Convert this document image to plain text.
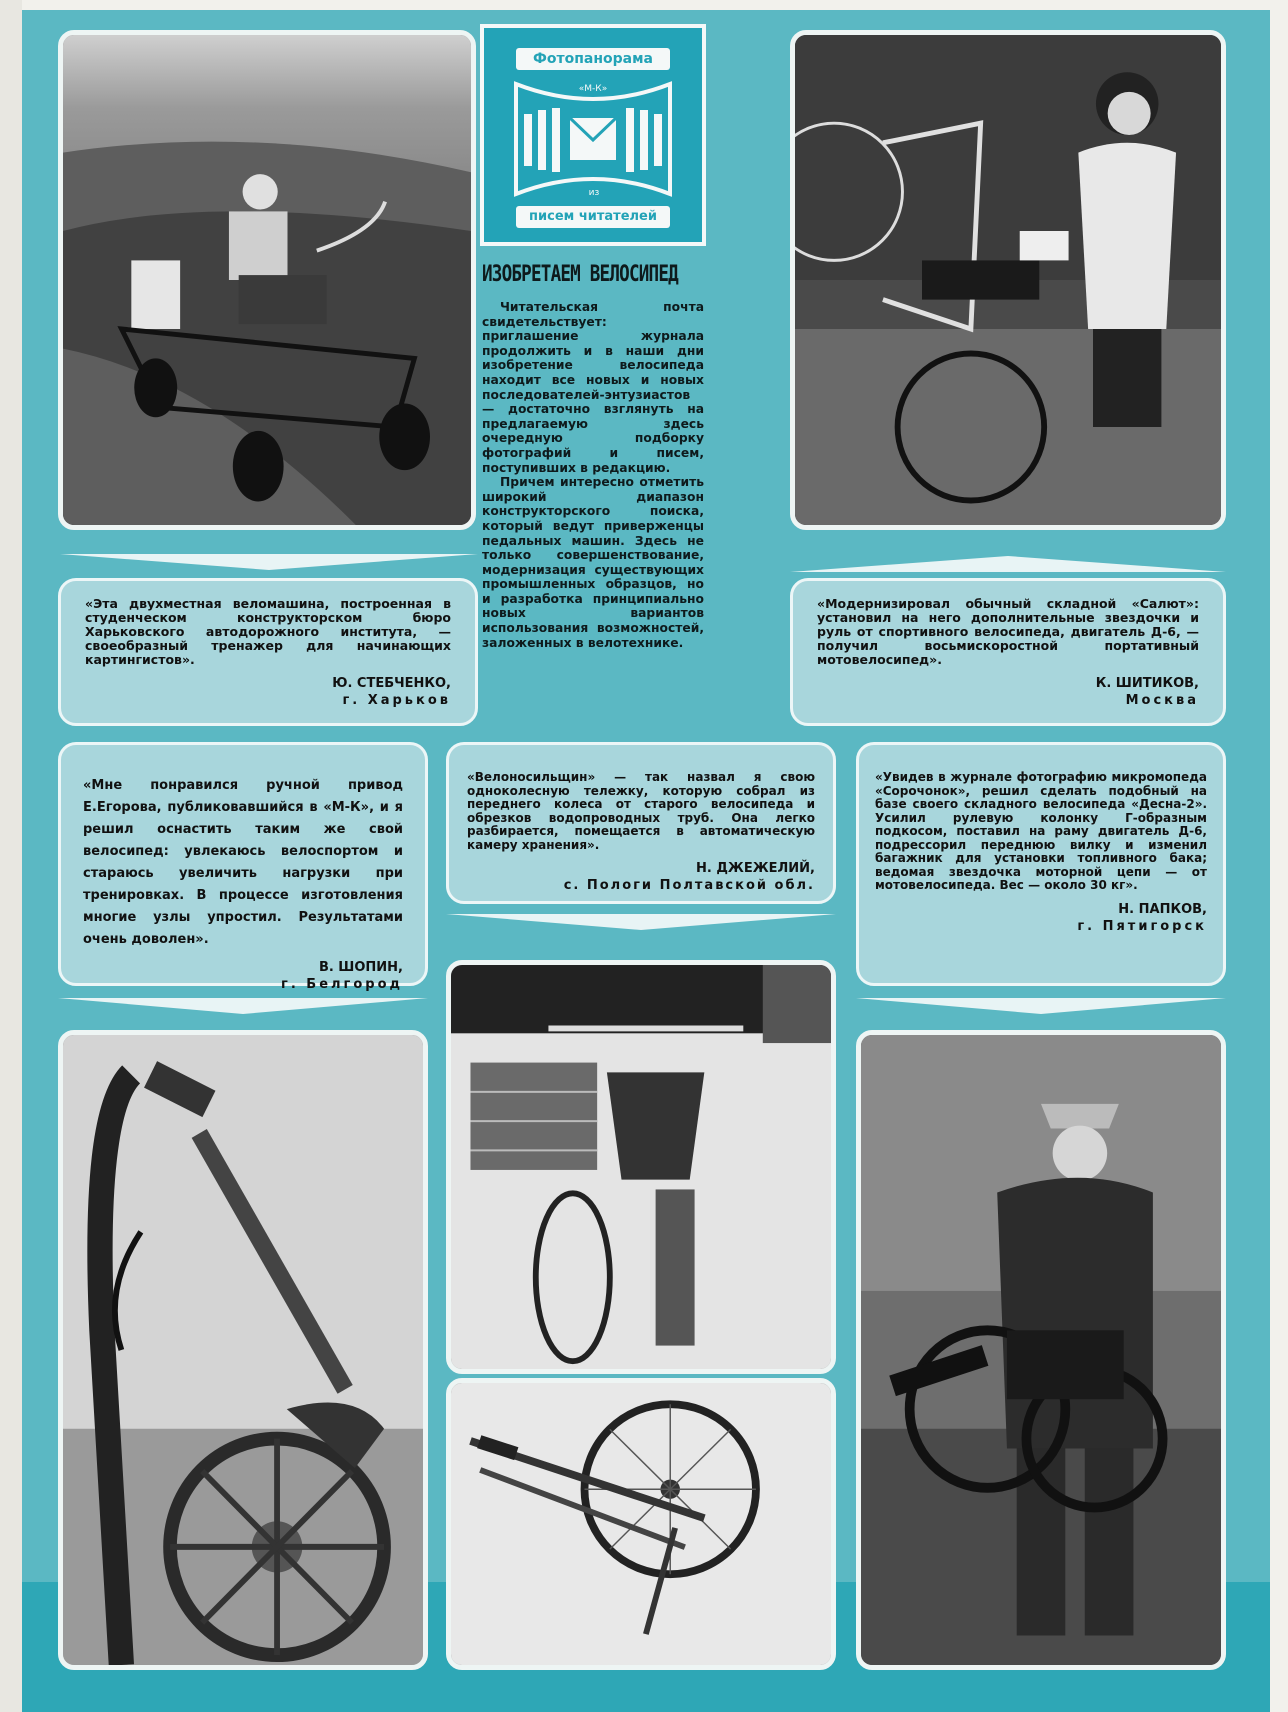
Фотопанорама
«М-К»
из
писем читателей
ИЗОБРЕТАЕМ ВЕЛОСИПЕД

Читательская почта свидетельствует: приглашение журнала продолжить и в наши дни изобретение велосипеда находит все новых и новых последователей-энтузиастов — достаточно взглянуть на предлагаемую здесь очередную подборку фотографий и писем, поступивших в редакцию.

Причем интересно отметить широкий диапазон конструкторского поиска, который ведут приверженцы педальных машин. Здесь не только совершенствование, модернизация существующих промышленных образцов, но и разработка принципиально новых вариантов использования возможностей, заложенных в велотехнике.

«Эта двухместная веломашина, построенная в студенческом конструкторском бюро Харьковского автодорожного института, — своеобразный тренажер для начинающих картингистов».

Ю. СТЕБЧЕНКО,
г. Харьков

«Модернизировал обычный складной «Салют»: установил на него дополнительные звездочки и руль от спортивного велосипеда, двигатель Д-6, — получил восьмискоростной портативный мотовелосипед».

К. ШИТИКОВ,
Москва

«Мне понравился ручной привод Е.Егорова, публиковавшийся в «М-К», и я решил оснастить таким же свой велосипед: увлекаюсь велоспортом и стараюсь увеличить нагрузки при тренировках. В процессе изготовления многие узлы упростил. Результатами очень доволен».

В. ШОПИН,
г. Белгород

«Велоносильщин» — так назвал я свою одноколесную тележку, которую собрал из переднего колеса от старого велосипеда и обрезков водопроводных труб. Она легко разбирается, помещается в автоматическую камеру хранения».

Н. ДЖЕЖЕЛИЙ,
с. Пологи Полтавской обл.

«Увидев в журнале фотографию микромопеда «Сорочонок», решил сделать подобный на базе своего складного велосипеда «Десна-2». Усилил рулевую колонку Г-образным подкосом, поставил на раму двигатель Д-6, подрессорил переднюю вилку и изменил багажник для установки топливного бака; ведомая звездочка моторной цепи — от мотовелосипеда. Вес — около 30 кг».

Н. ПАПКОВ,
г. Пятигорск
